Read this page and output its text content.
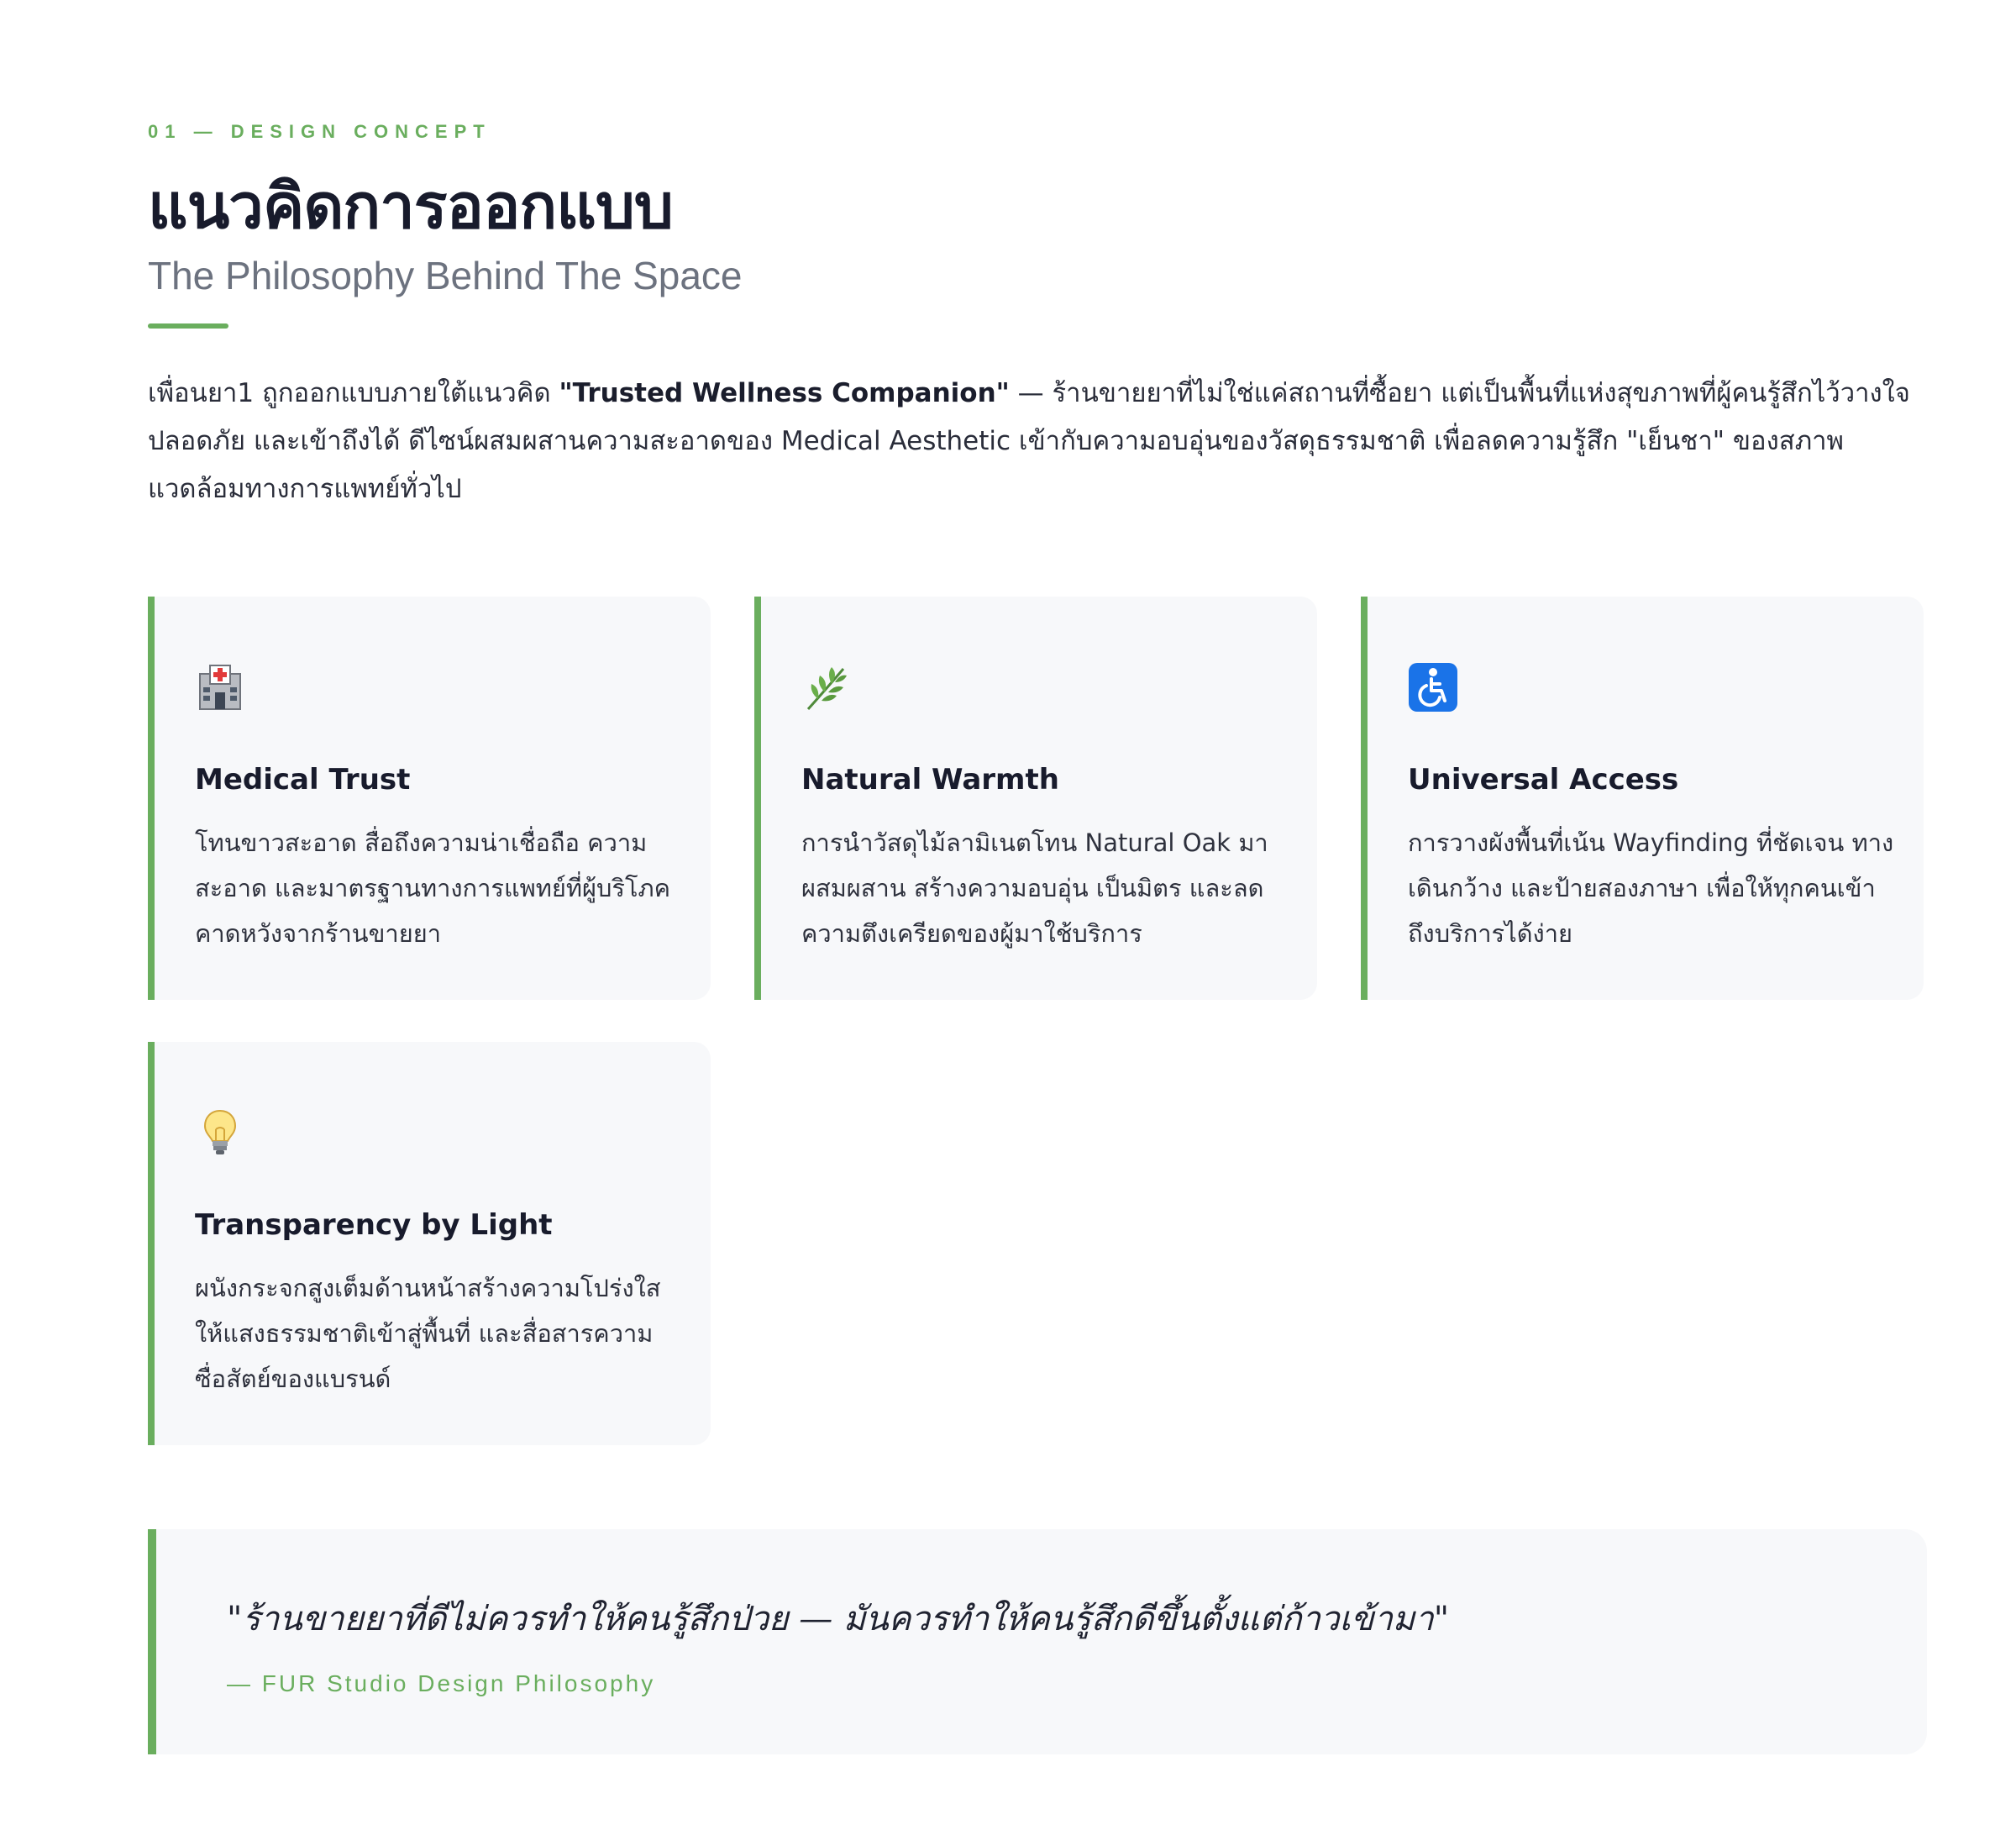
01 — DESIGN CONCEPT
แนวคิดการออกแบบ
The Philosophy Behind The Space

เพื่อนยา1 ถูกออกแบบภายใต้แนวคิด "Trusted Wellness Companion" — ร้านขายยาที่ไม่ใช่แค่สถานที่ซื้อยา แต่เป็นพื้นที่แห่งสุขภาพที่ผู้คนรู้สึกไว้วางใจ ปลอดภัย และเข้าถึงได้ ดีไซน์ผสมผสานความสะอาดของ Medical Aesthetic เข้ากับความอบอุ่นของวัสดุธรรมชาติ เพื่อลดความรู้สึก "เย็นชา" ของสภาพแวดล้อมทางการแพทย์ทั่วไป

Medical Trust
โทนขาวสะอาด สื่อถึงความน่าเชื่อถือ ความสะอาด และมาตรฐานทางการแพทย์ที่ผู้บริโภคคาดหวังจากร้านขายยา
Natural Warmth
การนำวัสดุไม้ลามิเนตโทน Natural Oak มาผสมผสาน สร้างความอบอุ่น เป็นมิตร และลดความตึงเครียดของผู้มาใช้บริการ
Universal Access
การวางผังพื้นที่เน้น Wayfinding ที่ชัดเจน ทางเดินกว้าง และป้ายสองภาษา เพื่อให้ทุกคนเข้าถึงบริการได้ง่าย
Transparency by Light
ผนังกระจกสูงเต็มด้านหน้าสร้างความโปร่งใส ให้แสงธรรมชาติเข้าสู่พื้นที่ และสื่อสารความซื่อสัตย์ของแบรนด์
"ร้านขายยาที่ดีไม่ควรทำให้คนรู้สึกป่วย — มันควรทำให้คนรู้สึกดีขึ้นตั้งแต่ก้าวเข้ามา"
— FUR Studio Design Philosophy
